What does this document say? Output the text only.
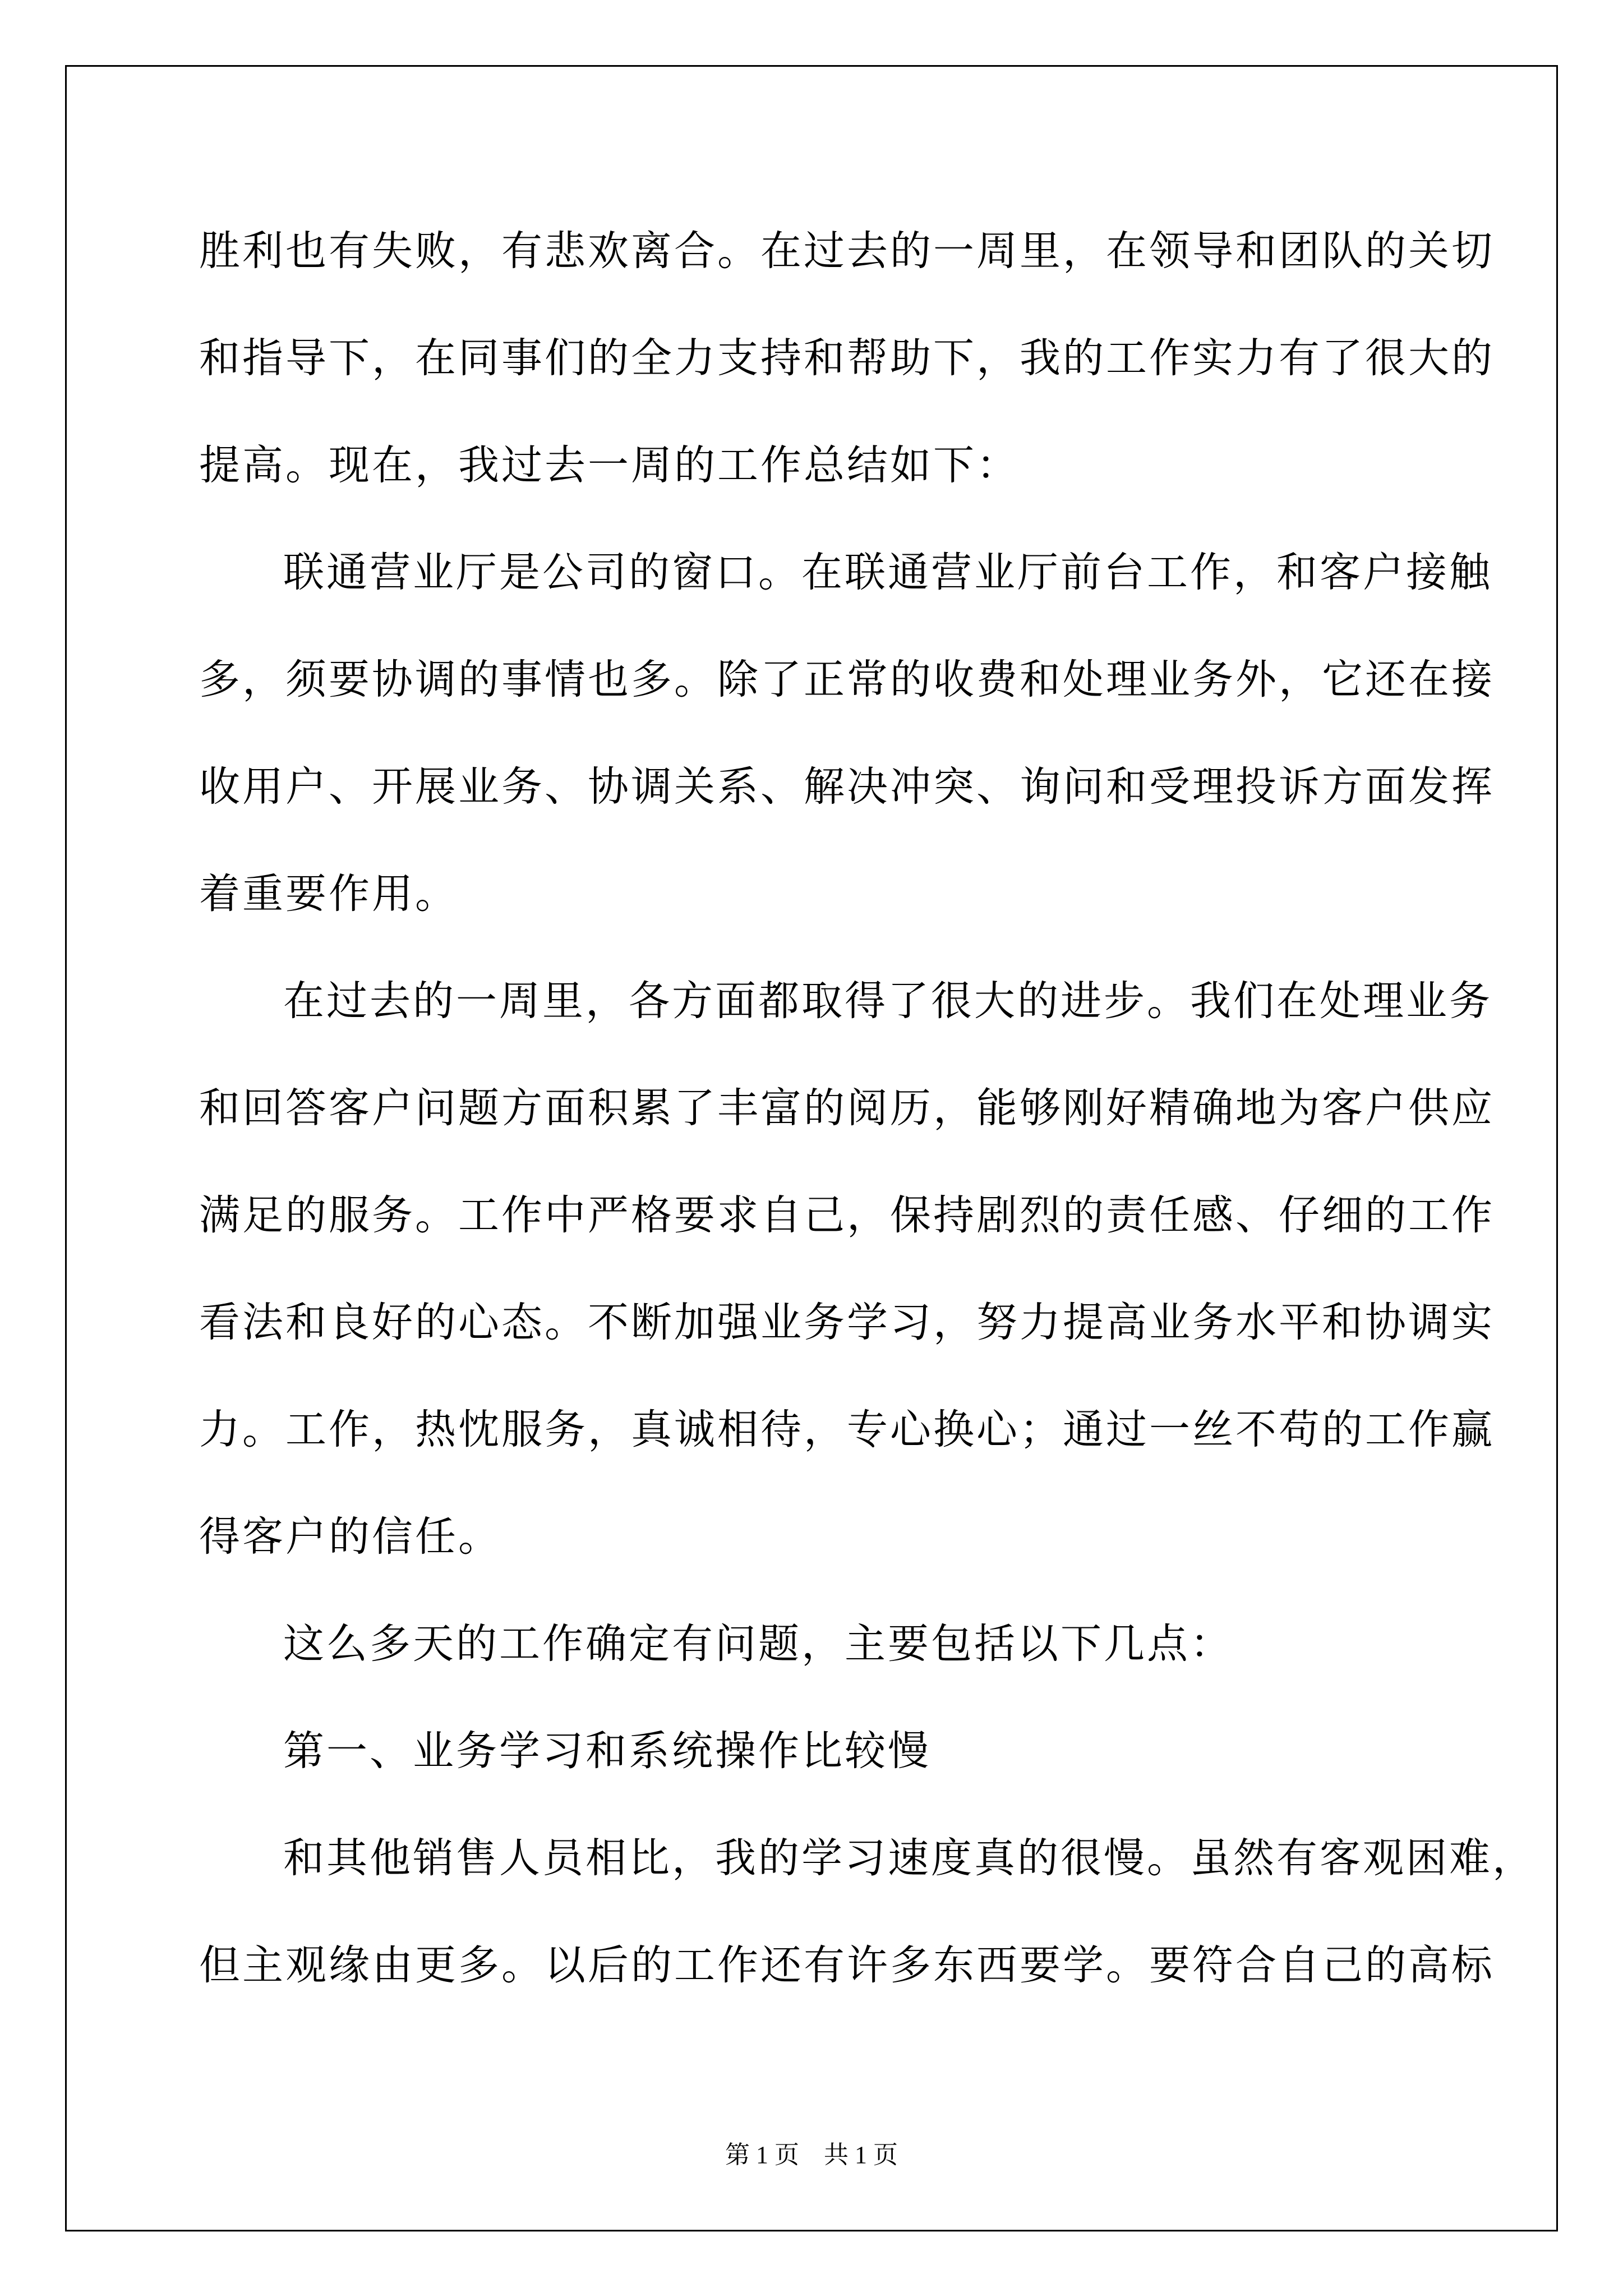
胜利也有失败，有悲欢离合。在过去的一周里，在领导和团队的关切
和指导下，在同事们的全力支持和帮助下，我的工作实力有了很大的
提高。现在，我过去一周的工作总结如下：
联通营业厅是公司的窗口。在联通营业厅前台工作，和客户接触
多，须要协调的事情也多。除了正常的收费和处理业务外，它还在接
收用户、开展业务、协调关系、解决冲突、询问和受理投诉方面发挥
着重要作用。
在过去的一周里，各方面都取得了很大的进步。我们在处理业务
和回答客户问题方面积累了丰富的阅历，能够刚好精确地为客户供应
满足的服务。工作中严格要求自己，保持剧烈的责任感、仔细的工作
看法和良好的心态。不断加强业务学习，努力提高业务水平和协调实
力。工作，热忱服务，真诚相待，专心换心；通过一丝不苟的工作赢
得客户的信任。
这么多天的工作确定有问题，主要包括以下几点：
第一、业务学习和系统操作比较慢
和其他销售人员相比，我的学习速度真的很慢。虽然有客观困难，
但主观缘由更多。以后的工作还有许多东西要学。要符合自己的高标
第 1 页　共 1 页
